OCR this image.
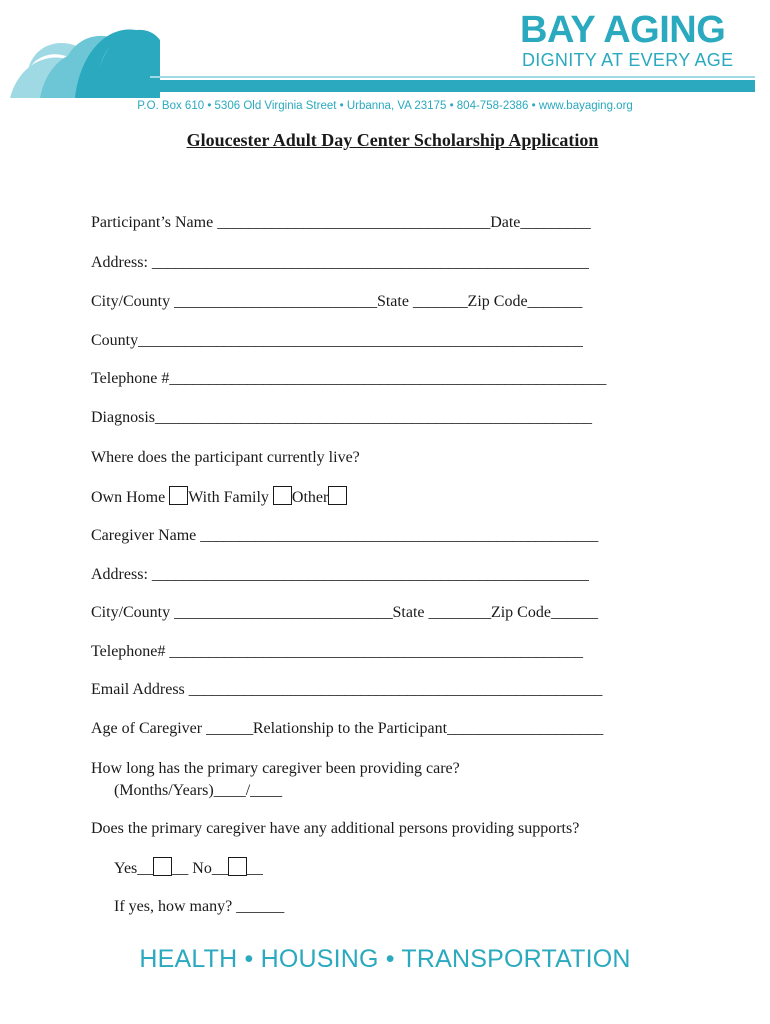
BAY AGING
DIGNITY AT EVERY AGE
P.O. Box 610 • 5306 Old Virginia Street • Urbanna, VA 23175 • 804-758-2386 • www.bayaging.org
Gloucester Adult Day Center Scholarship Application
Participant’s Name ___________________________________Date_________
Address: ________________________________________________________
City/County __________________________State _______Zip Code_______
County_________________________________________________________
Telephone #________________________________________________________
Diagnosis________________________________________________________
Where does the participant currently live?
Own Home With Family Other
Caregiver Name ___________________________________________________
Address: ________________________________________________________
City/County ____________________________State ________Zip Code______
Telephone# _____________________________________________________
Email Address _____________________________________________________
Age of Caregiver ______Relationship to the Participant____________________
How long has the primary caregiver been providing care?
(Months/Years)____/____
Does the primary caregiver have any additional persons providing supports?
Yes__ __ No__ __
If yes, how many? ______
HEALTH • HOUSING • TRANSPORTATION
